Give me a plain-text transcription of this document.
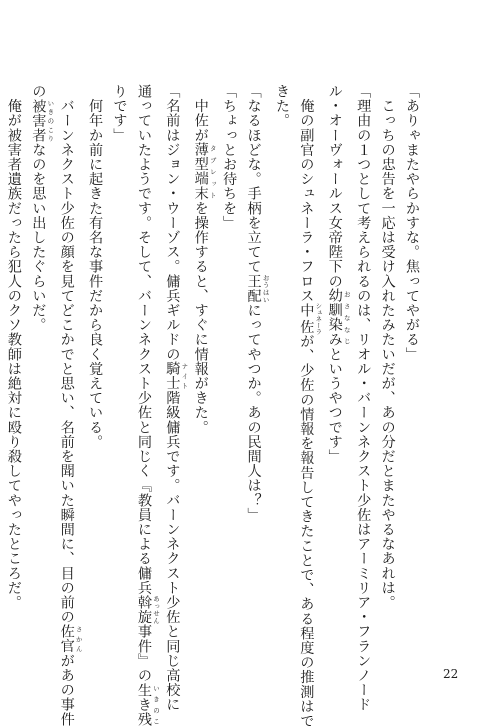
「ありゃまたやらかすな。焦ってやがる」
　こっちの忠告を一応は受け入れたみたいだが、あの分だとまたやるなあれは。
「理由の１つとして考えられるのは、リオル・バーンネクスト少佐はアーミリア・フランノード
ル・オーヴォールス女帝陛下の幼馴染み おさななじというやつです」
　俺の副官のシュネーラ・フロス中佐 シュネーラが、少佐の情報を報告してきたことで、ある程度の推測はで
きた。
「なるほどな。手柄を立てて王配 おうはいにってやつか。あの民間人は？」
「ちょっとお待ちを」
　中佐が薄型端末 タブレットを操作すると、すぐに情報がきた。
「名前はジョン・ウーゾス。傭兵ギルドの騎士 ナイト階級傭兵です。バーンネクスト少佐と同じ高校に
通っていたようです。そして、バーンネクスト少佐と同じく『教員による傭兵斡旋 あっせん事件』の生き残 いきのこ
りです」
　何年か前に起きた有名な事件だから良く覚えている。
　バーンネクスト少佐の顔を見てどこかでと思い、名前を聞いた瞬間に、目の前の佐官 さかんがあの事件
の被害者 いきのこりなのを思い出したぐらいだ。
　俺が被害者遺族だったら犯人のクソ教師は絶対に殴り殺してやったところだ。
22
